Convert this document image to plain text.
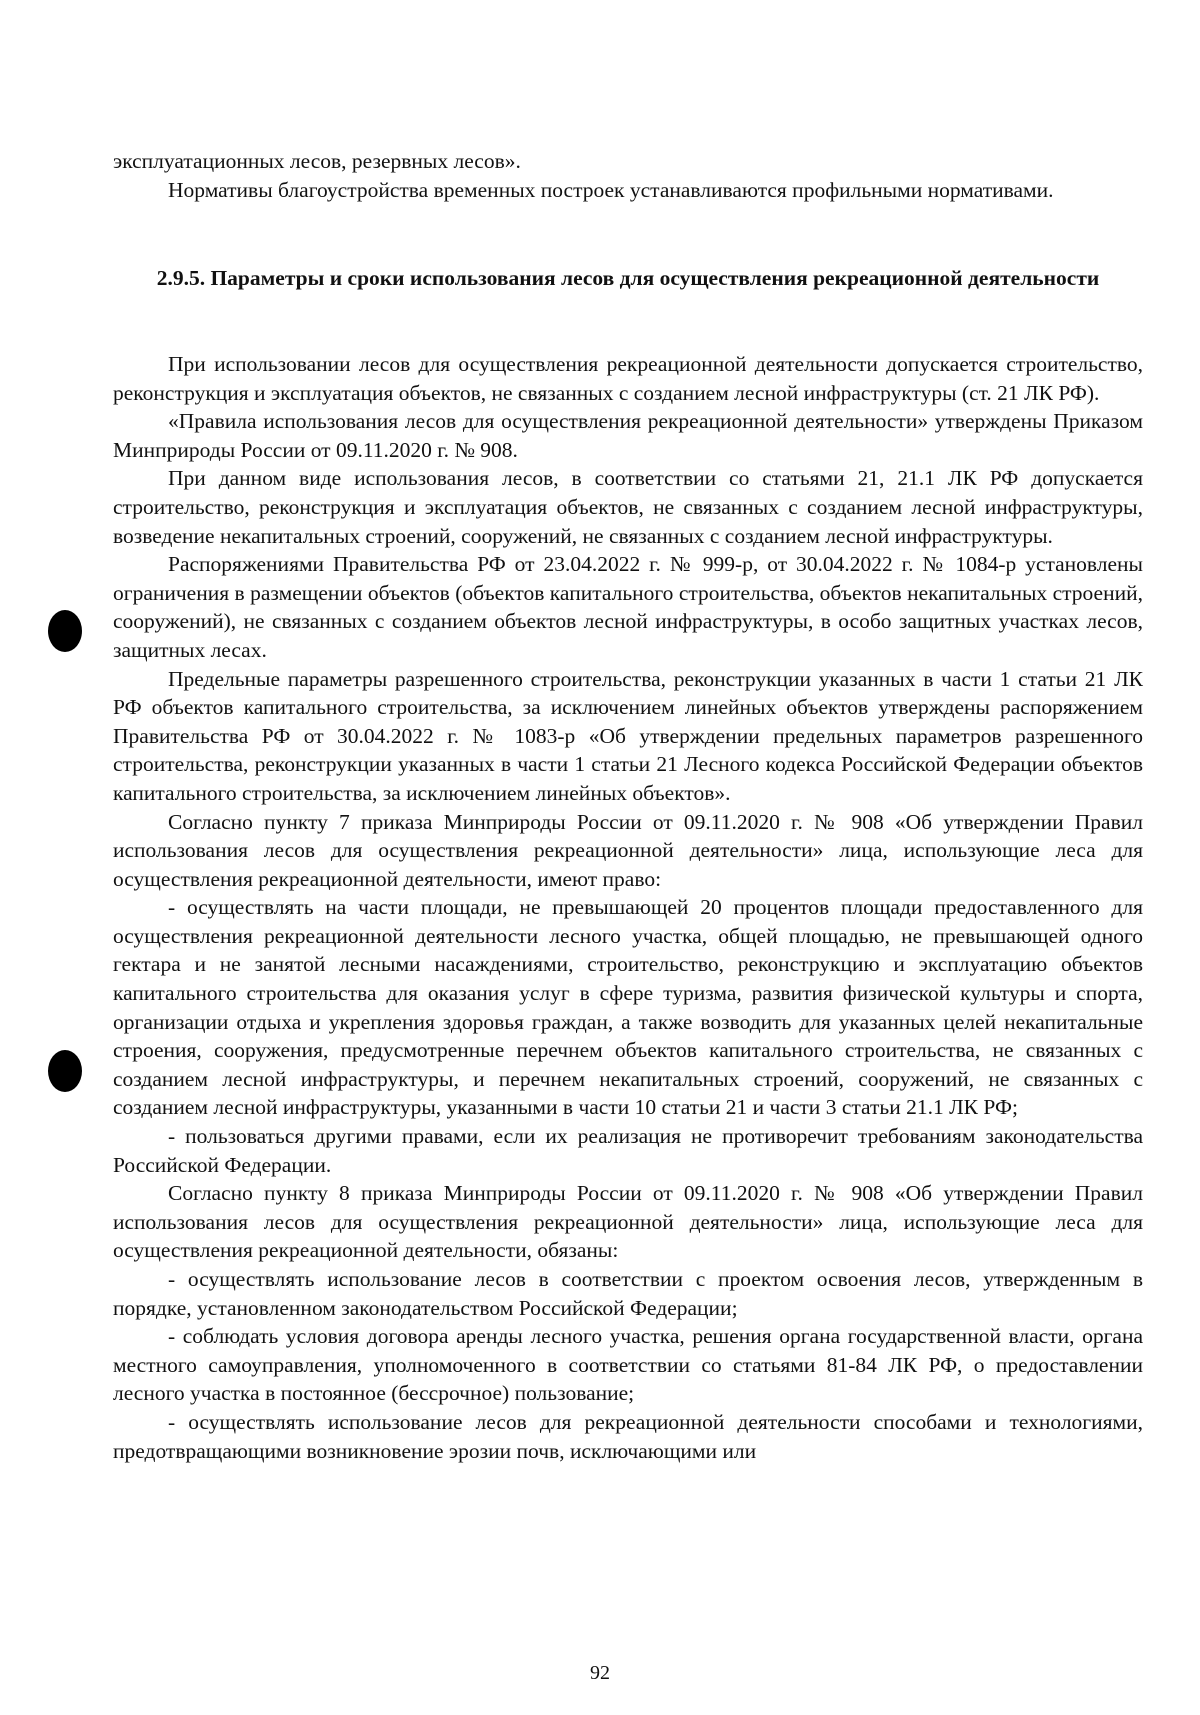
эксплуатационных лесов, резервных лесов».

Нормативы благоустройства временных построек устанавливаются профильными нормативами.

2.9.5. Параметры и сроки использования лесов для осуществления рекреационной деятельности

При использовании лесов для осуществления рекреационной деятельности допускается строительство, реконструкция и эксплуатация объектов, не связанных с созданием лесной инфраструктуры (ст. 21 ЛК РФ).

«Правила использования лесов для осуществления рекреационной деятельности» утверждены Приказом Минприроды России от 09.11.2020 г. № 908.

При данном виде использования лесов, в соответствии со статьями 21, 21.1 ЛК РФ допускается строительство, реконструкция и эксплуатация объектов, не связанных с созданием лесной инфраструктуры, возведение некапитальных строений, сооружений, не связанных с созданием лесной инфраструктуры.

Распоряжениями Правительства РФ от 23.04.2022 г. № 999-р, от 30.04.2022 г. № 1084-р установлены ограничения в размещении объектов (объектов капитального строительства, объектов некапитальных строений, сооружений), не связанных с созданием объектов лесной инфраструктуры, в особо защитных участках лесов, защитных лесах.

Предельные параметры разрешенного строительства, реконструкции указанных в части 1 статьи 21 ЛК РФ объектов капитального строительства, за исключением линейных объектов утверждены распоряжением Правительства РФ от 30.04.2022 г. № 1083-р «Об утверждении предельных параметров разрешенного строительства, реконструкции указанных в части 1 статьи 21 Лесного кодекса Российской Федерации объектов капитального строительства, за исключением линейных объектов».

Согласно пункту 7 приказа Минприроды России от 09.11.2020 г. № 908 «Об утверждении Правил использования лесов для осуществления рекреационной деятельности» лица, использующие леса для осуществления рекреационной деятельности, имеют право:

- осуществлять на части площади, не превышающей 20 процентов площади предоставленного для осуществления рекреационной деятельности лесного участка, общей площадью, не превышающей одного гектара и не занятой лесными насаждениями, строительство, реконструкцию и эксплуатацию объектов капитального строительства для оказания услуг в сфере туризма, развития физической культуры и спорта, организации отдыха и укрепления здоровья граждан, а также возводить для указанных целей некапитальные строения, сооружения, предусмотренные перечнем объектов капитального строительства, не связанных с созданием лесной инфраструктуры, и перечнем некапитальных строений, сооружений, не связанных с созданием лесной инфраструктуры, указанными в части 10 статьи 21 и части 3 статьи 21.1 ЛК РФ;

- пользоваться другими правами, если их реализация не противоречит требованиям законодательства Российской Федерации.

Согласно пункту 8 приказа Минприроды России от 09.11.2020 г. № 908 «Об утверждении Правил использования лесов для осуществления рекреационной деятельности» лица, использующие леса для осуществления рекреационной деятельности, обязаны:

- осуществлять использование лесов в соответствии с проектом освоения лесов, утвержденным в порядке, установленном законодательством Российской Федерации;

- соблюдать условия договора аренды лесного участка, решения органа государственной власти, органа местного самоуправления, уполномоченного в соответствии со статьями 81-84 ЛК РФ, о предоставлении лесного участка в постоянное (бессрочное) пользование;

- осуществлять использование лесов для рекреационной деятельности способами и технологиями, предотвращающими возникновение эрозии почв, исключающими или

92
